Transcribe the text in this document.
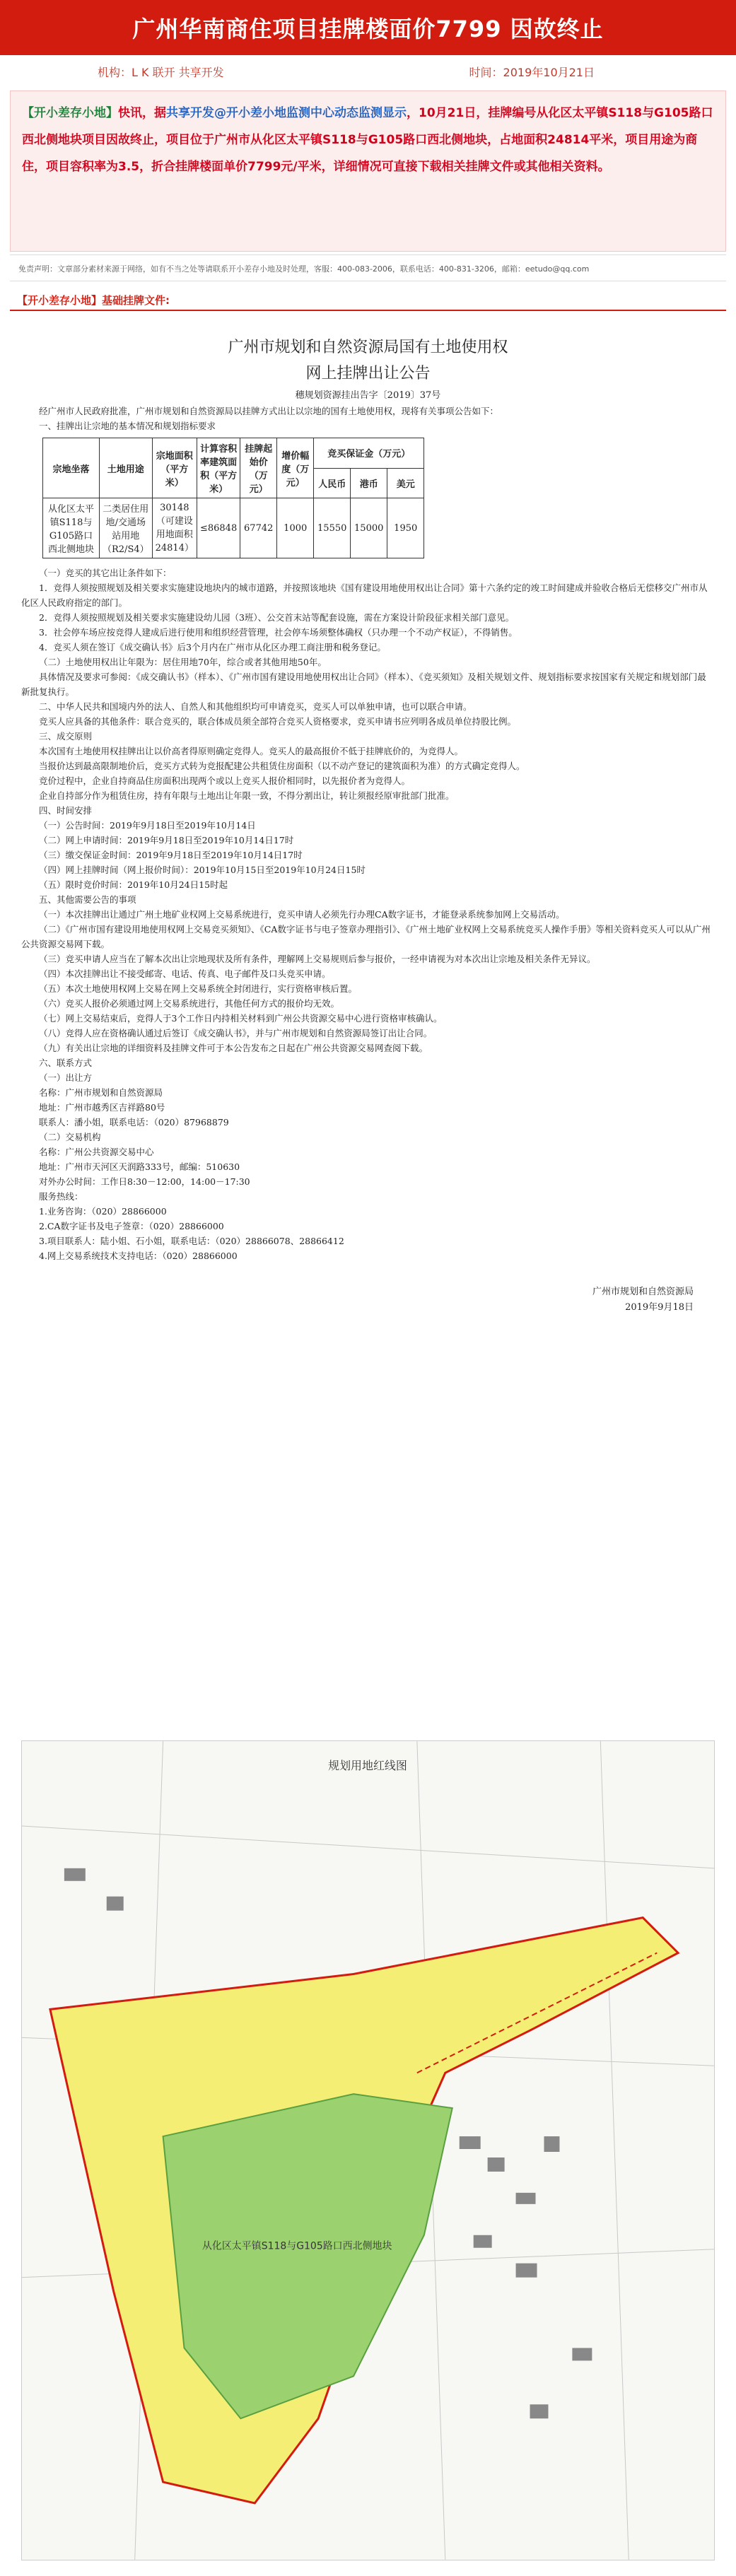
广州华南商住项目挂牌楼面价7799 因故终止
机构：L K 联开 共享开发	时间：2019年10月21日
【开小差存小地】快讯，据共享开发@开小差小地监测中心动态监测显示，10月21日，挂牌编号从化区太平镇S118与G105路口西北侧地块项目因故终止，项目位于广州市从化区太平镇S118与G105路口西北侧地块，占地面积24814平米，项目用途为商住，项目容积率为3.5，折合挂牌楼面单价7799元/平米，详细情况可直接下载相关挂牌文件或其他相关资料。
免责声明：文章部分素材来源于网络，如有不当之处等请联系开小差存小地及时处理，客服：400-083-2006，联系电话：400-831-3206，邮箱：eetudo@qq.com
【开小差存小地】基础挂牌文件:
广州市规划和自然资源局国有土地使用权
网上挂牌出让公告
穗规划资源挂出告字〔2019〕37号

经广州市人民政府批准，广州市规划和自然资源局以挂牌方式出让以宗地的国有土地使用权，现将有关事项公告如下：

一、挂牌出让宗地的基本情况和规划指标要求

宗地坐落	土地用途	宗地面积（平方米）	计算容积率建筑面积（平方米）	挂牌起始价（万元）	增价幅度（万元）	竞买保证金（万元）		
						人民币	港币	美元
从化区太平镇S118与G105路口西北侧地块	二类居住用地/交通场站用地（R2/S4）	30148（可建设用地面积24814）	≤86848	67742	1000	15550	15000	1950

（一）竞买的其它出让条件如下：

1．竞得人须按照规划及相关要求实施建设地块内的城市道路，并按照该地块《国有建设用地使用权出让合同》第十六条约定的竣工时间建成并验收合格后无偿移交广州市从化区人民政府指定的部门。

2．竞得人须按照规划及相关要求实施建设幼儿园（3班）、公交首末站等配套设施，需在方案设计阶段征求相关部门意见。

3．社会停车场应按竞得人建成后进行使用和组织经营管理，社会停车场须整体确权（只办理一个不动产权证），不得销售。

4．竞买人须在签订《成交确认书》后3个月内在广州市从化区办理工商注册和税务登记。

（二）土地使用权出让年限为：居住用地70年，综合或者其他用地50年。

具体情况及要求可参阅：《成交确认书》（样本）、《广州市国有建设用地使用权出让合同》（样本）、《竞买须知》及相关规划文件、规划指标要求按国家有关规定和规划部门最新批复执行。

二、中华人民共和国境内外的法人、自然人和其他组织均可申请竞买，竞买人可以单独申请，也可以联合申请。

竞买人应具备的其他条件：联合竞买的，联合体成员须全部符合竞买人资格要求，竞买申请书应列明各成员单位持股比例。

三、成交原则

本次国有土地使用权挂牌出让以价高者得原则确定竞得人。竞买人的最高报价不低于挂牌底价的，为竞得人。

当报价达到最高限制地价后，竞买方式转为竞报配建公共租赁住房面积（以不动产登记的建筑面积为准）的方式确定竞得人。

竞价过程中，企业自持商品住房面积出现两个或以上竞买人报价相同时，以先报价者为竞得人。

企业自持部分作为租赁住房，持有年限与土地出让年限一致，不得分割出让，转让须报经原审批部门批准。

四、时间安排

（一）公告时间：2019年9月18日至2019年10月14日

（二）网上申请时间：2019年9月18日至2019年10月14日17时

（三）缴交保证金时间：2019年9月18日至2019年10月14日17时

（四）网上挂牌时间（网上报价时间）：2019年10月15日至2019年10月24日15时

（五）限时竞价时间：2019年10月24日15时起

五、其他需要公告的事项

（一）本次挂牌出让通过广州土地矿业权网上交易系统进行，竞买申请人必须先行办理CA数字证书，才能登录系统参加网上交易活动。

（二）《广州市国有建设用地使用权网上交易竞买须知》、《CA数字证书与电子签章办理指引》、《广州土地矿业权网上交易系统竞买人操作手册》等相关资料竞买人可以从广州公共资源交易网下载。

（三）竞买申请人应当在了解本次出让宗地现状及所有条件，理解网上交易规则后参与报价，一经申请视为对本次出让宗地及相关条件无异议。

（四）本次挂牌出让不接受邮寄、电话、传真、电子邮件及口头竞买申请。

（五）本次土地使用权网上交易在网上交易系统全封闭进行，实行资格审核后置。

（六）竞买人报价必须通过网上交易系统进行，其他任何方式的报价均无效。

（七）网上交易结束后，竞得人于3个工作日内持相关材料到广州公共资源交易中心进行资格审核确认。

（八）竞得人应在资格确认通过后签订《成交确认书》，并与广州市规划和自然资源局签订出让合同。

（九）有关出让宗地的详细资料及挂牌文件可于本公告发布之日起在广州公共资源交易网查阅下载。

六、联系方式

（一）出让方

名称：广州市规划和自然资源局

地址：广州市越秀区吉祥路80号

联系人：潘小姐，联系电话：（020）87968879

（二）交易机构

名称：广州公共资源交易中心

地址：广州市天河区天润路333号，邮编：510630

对外办公时间：工作日8:30－12:00，14:00－17:30

服务热线：

1.业务咨询：（020）28866000

2.CA数字证书及电子签章：（020）28866000

3.项目联系人：陆小姐、石小姐，联系电话：（020）28866078、28866412

4.网上交易系统技术支持电话：（020）28866000

广州市规划和自然资源局
2019年9月18日
规划用地红线图
从化区太平镇S118与G105路口西北侧地块
